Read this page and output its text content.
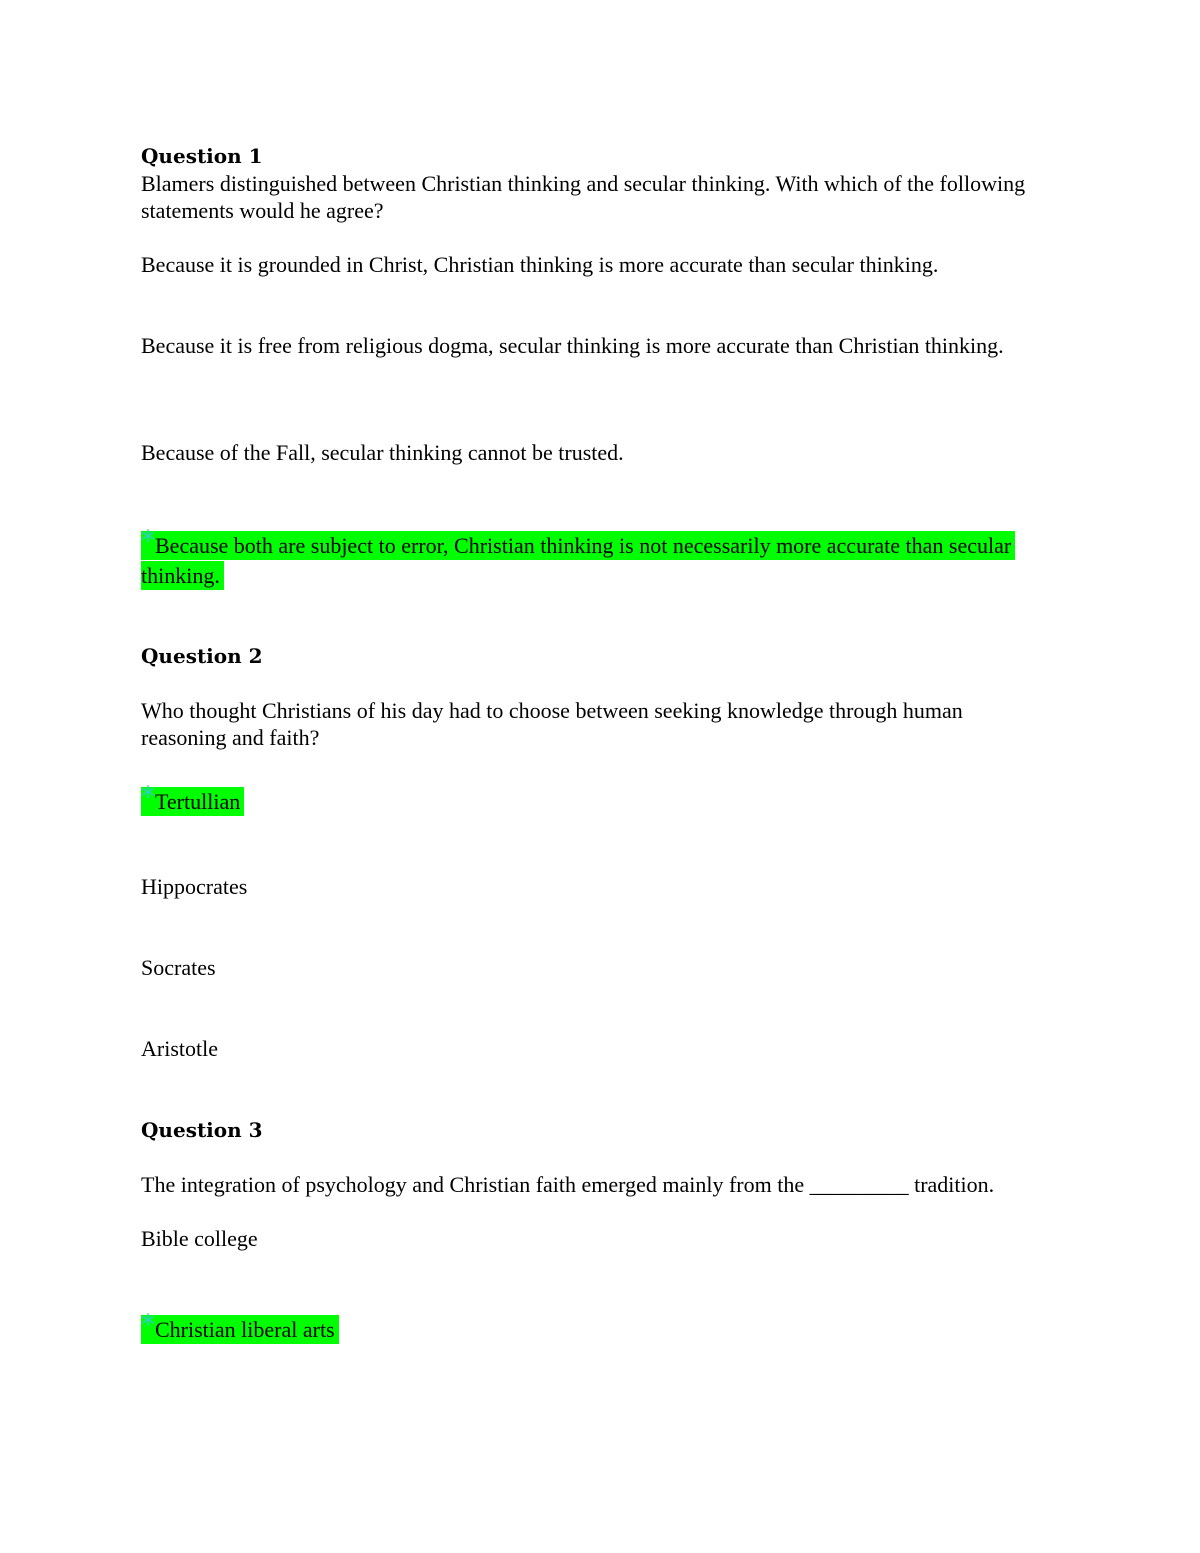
Question 1
Blamers distinguished between Christian thinking and secular thinking. With which of the following statements would he agree?
Because it is grounded in Christ, Christian thinking is more accurate than secular thinking.
Because it is free from religious dogma, secular thinking is more accurate than Christian thinking.
Because of the Fall, secular thinking cannot be trusted.
*Because both are subject to error, Christian thinking is not necessarily more accurate than secular thinking.
Question 2
Who thought Christians of his day had to choose between seeking knowledge through human reasoning and faith?
*Tertullian
Hippocrates
Socrates
Aristotle
Question 3
The integration of psychology and Christian faith emerged mainly from the _________ tradition.
Bible college
*Christian liberal arts
